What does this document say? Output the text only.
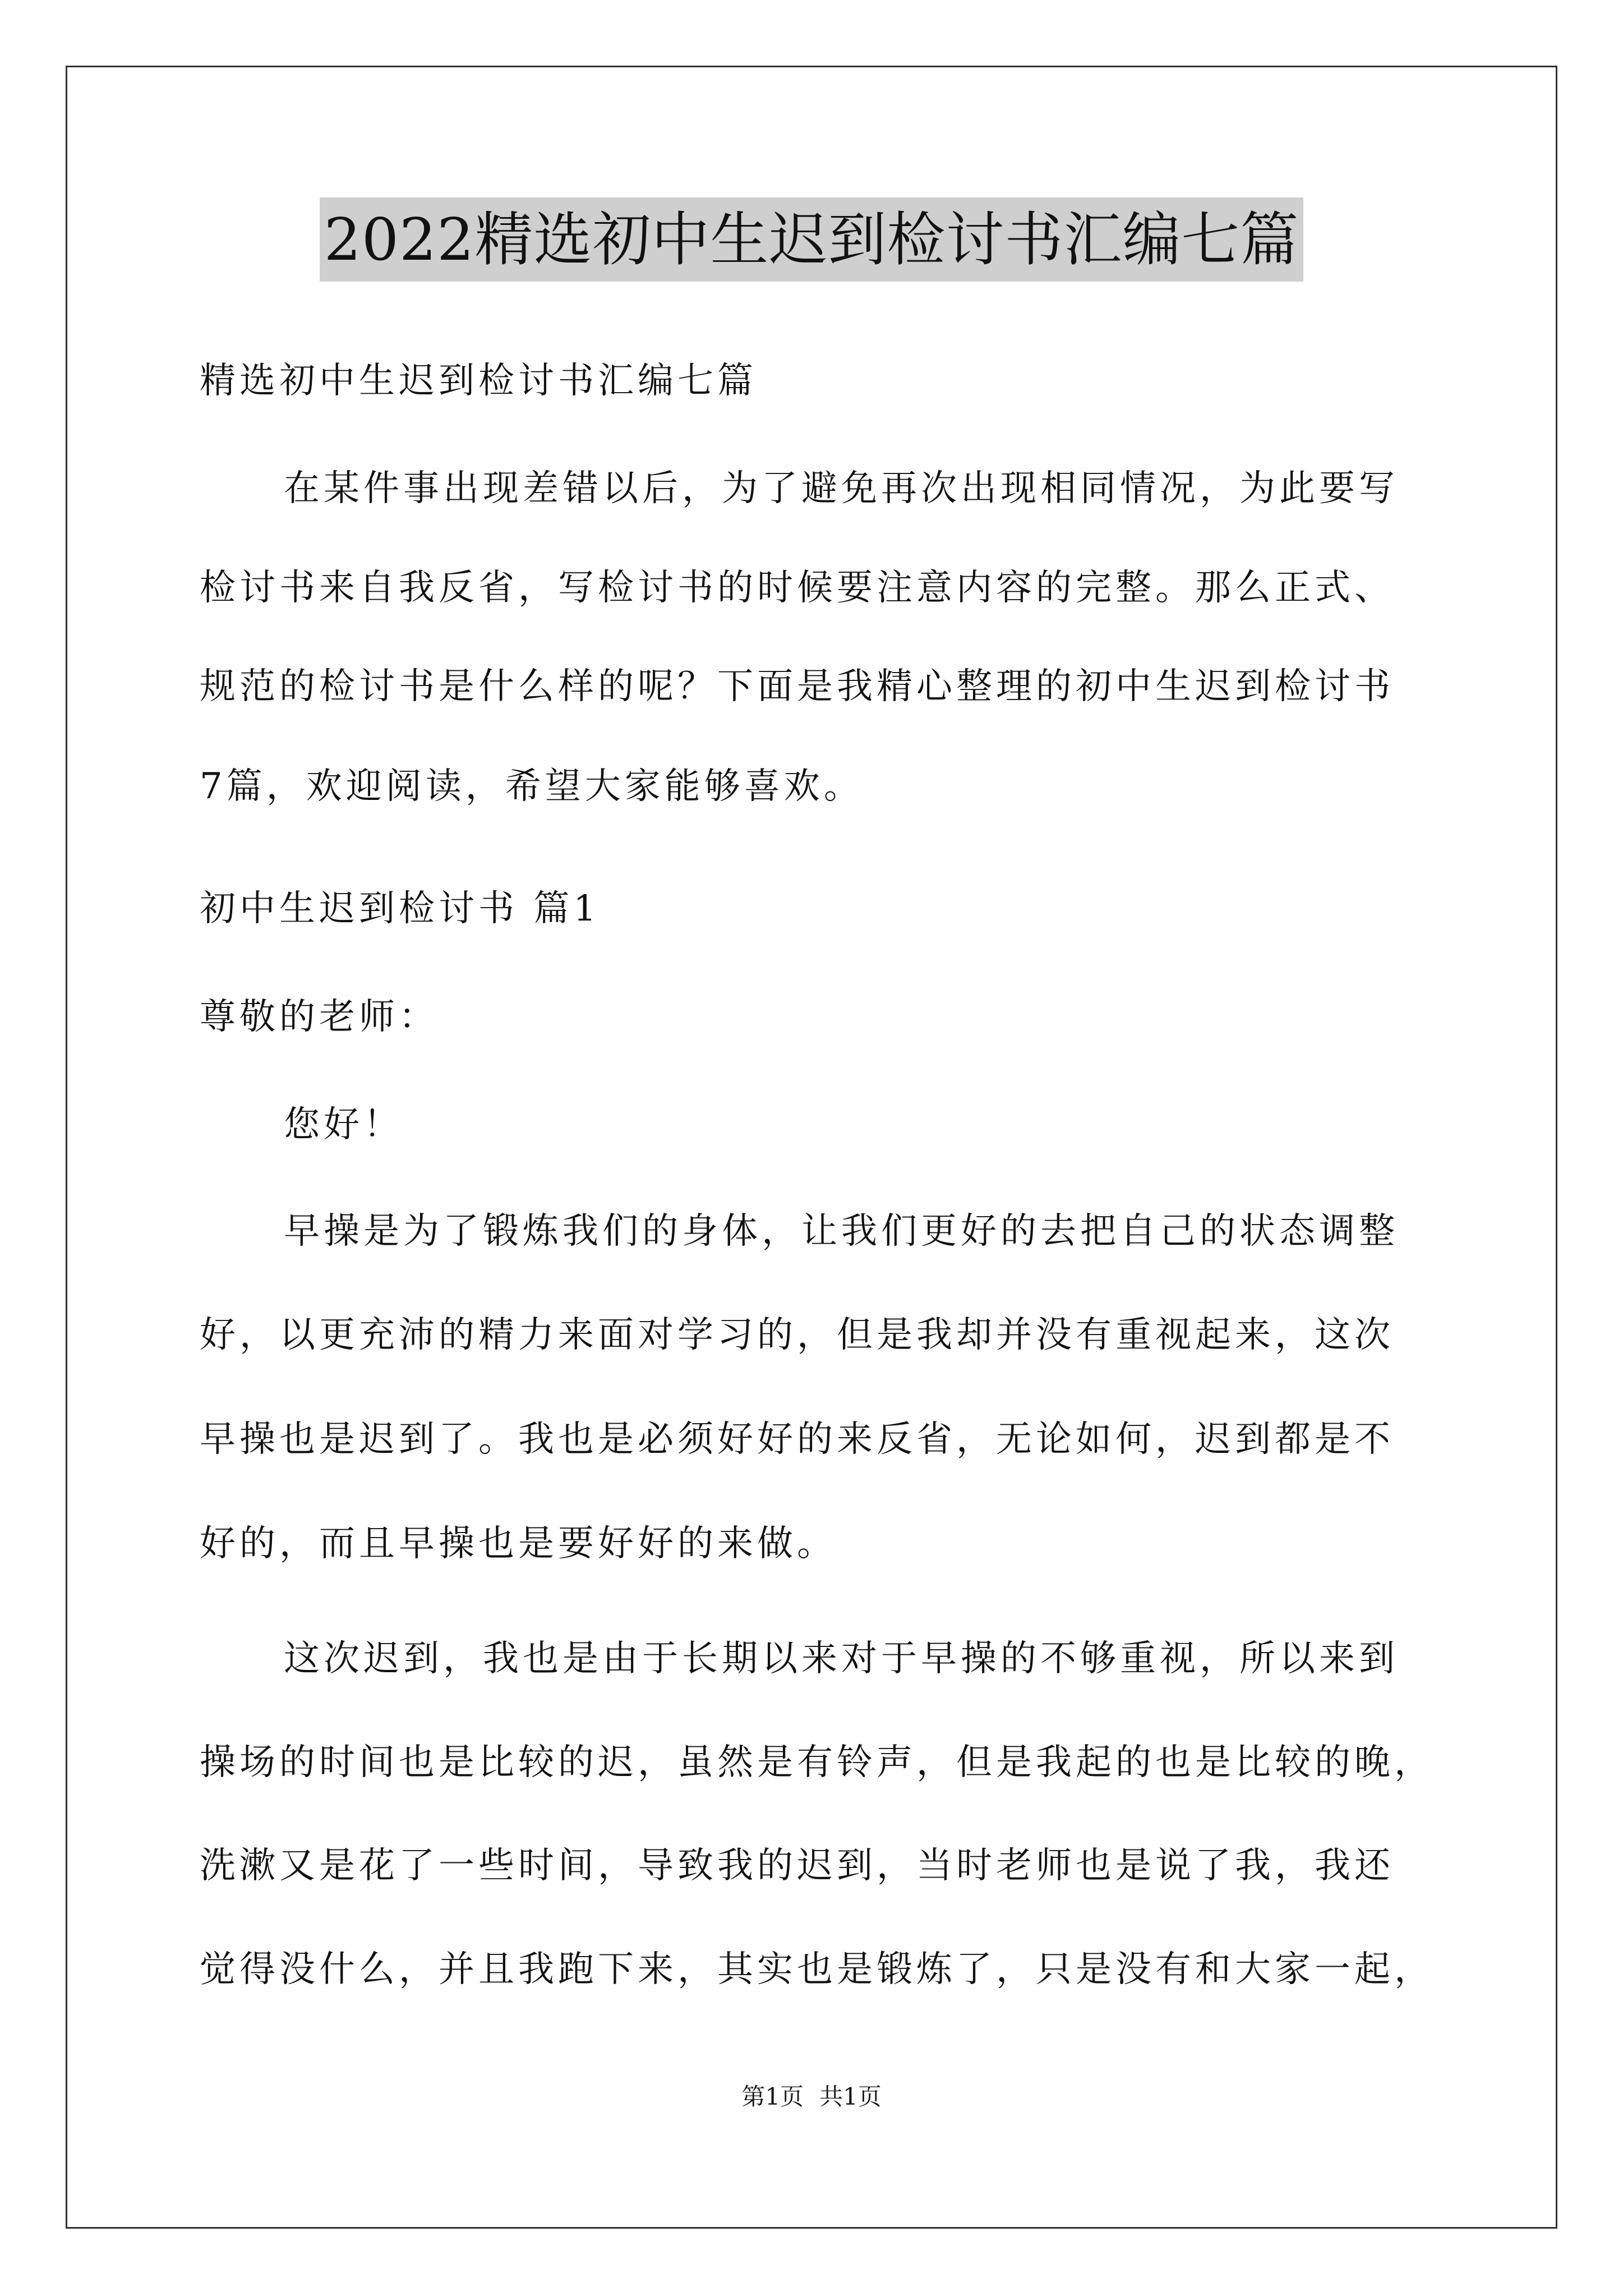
2022精选初中生迟到检讨书汇编七篇
精选初中生迟到检讨书汇编七篇
在某件事出现差错以后，为了避免再次出现相同情况，为此要写
检讨书来自我反省，写检讨书的时候要注意内容的完整。那么正式、
规范的检讨书是什么样的呢？下面是我精心整理的初中生迟到检讨书
7篇，欢迎阅读，希望大家能够喜欢。
初中生迟到检讨书 篇1
尊敬的老师：
您好！
早操是为了锻炼我们的身体，让我们更好的去把自己的状态调整
好，以更充沛的精力来面对学习的，但是我却并没有重视起来，这次
早操也是迟到了。我也是必须好好的来反省，无论如何，迟到都是不
好的，而且早操也是要好好的来做。
这次迟到，我也是由于长期以来对于早操的不够重视，所以来到
操场的时间也是比较的迟，虽然是有铃声，但是我起的也是比较的晚，
洗漱又是花了一些时间，导致我的迟到，当时老师也是说了我，我还
觉得没什么，并且我跑下来，其实也是锻炼了，只是没有和大家一起，
第1页 共1页
